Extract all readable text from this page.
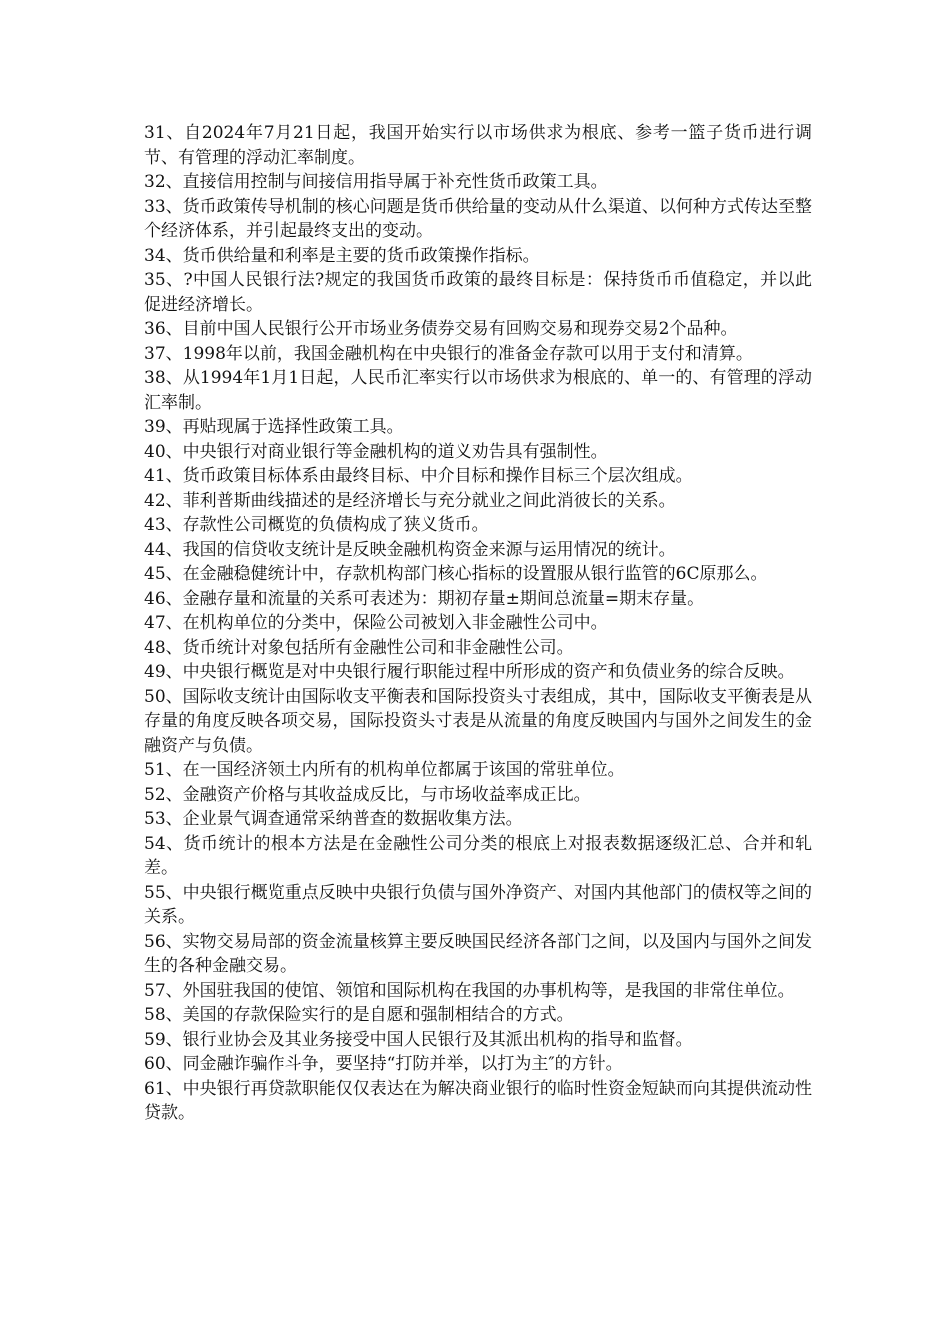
31、自2024年7月21日起，我国开始实行以市场供求为根底、参考一篮子货币进行调节、有管理的浮动汇率制度。

32、直接信用控制与间接信用指导属于补充性货币政策工具。

33、货币政策传导机制的核心问题是货币供给量的变动从什么渠道、以何种方式传达至整个经济体系，并引起最终支出的变动。

34、货币供给量和利率是主要的货币政策操作指标。

35、?中国人民银行法?规定的我国货币政策的最终目标是：保持货币币值稳定，并以此促进经济增长。

36、目前中国人民银行公开市场业务债券交易有回购交易和现券交易2个品种。

37、1998年以前，我国金融机构在中央银行的准备金存款可以用于支付和清算。

38、从1994年1月1日起，人民币汇率实行以市场供求为根底的、单一的、有管理的浮动汇率制。

39、再贴现属于选择性政策工具。

40、中央银行对商业银行等金融机构的道义劝告具有强制性。

41、货币政策目标体系由最终目标、中介目标和操作目标三个层次组成。

42、菲利普斯曲线描述的是经济增长与充分就业之间此消彼长的关系。

43、存款性公司概览的负债构成了狭义货币。

44、我国的信贷收支统计是反映金融机构资金来源与运用情况的统计。

45、在金融稳健统计中，存款机构部门核心指标的设置服从银行监管的6C原那么。

46、金融存量和流量的关系可表述为：期初存量±期间总流量=期末存量。

47、在机构单位的分类中，保险公司被划入非金融性公司中。

48、货币统计对象包括所有金融性公司和非金融性公司。

49、中央银行概览是对中央银行履行职能过程中所形成的资产和负债业务的综合反映。

50、国际收支统计由国际收支平衡表和国际投资头寸表组成，其中，国际收支平衡表是从存量的角度反映各项交易，国际投资头寸表是从流量的角度反映国内与国外之间发生的金融资产与负债。

51、在一国经济领土内所有的机构单位都属于该国的常驻单位。

52、金融资产价格与其收益成反比，与市场收益率成正比。

53、企业景气调查通常采纳普查的数据收集方法。

54、货币统计的根本方法是在金融性公司分类的根底上对报表数据逐级汇总、合并和轧差。

55、中央银行概览重点反映中央银行负债与国外净资产、对国内其他部门的债权等之间的关系。

56、实物交易局部的资金流量核算主要反映国民经济各部门之间，以及国内与国外之间发生的各种金融交易。

57、外国驻我国的使馆、领馆和国际机构在我国的办事机构等，是我国的非常住单位。

58、美国的存款保险实行的是自愿和强制相结合的方式。

59、银行业协会及其业务接受中国人民银行及其派出机构的指导和监督。

60、同金融诈骗作斗争，要坚持“打防并举，以打为主″的方针。

61、中央银行再贷款职能仅仅表达在为解决商业银行的临时性资金短缺而向其提供流动性贷款。
